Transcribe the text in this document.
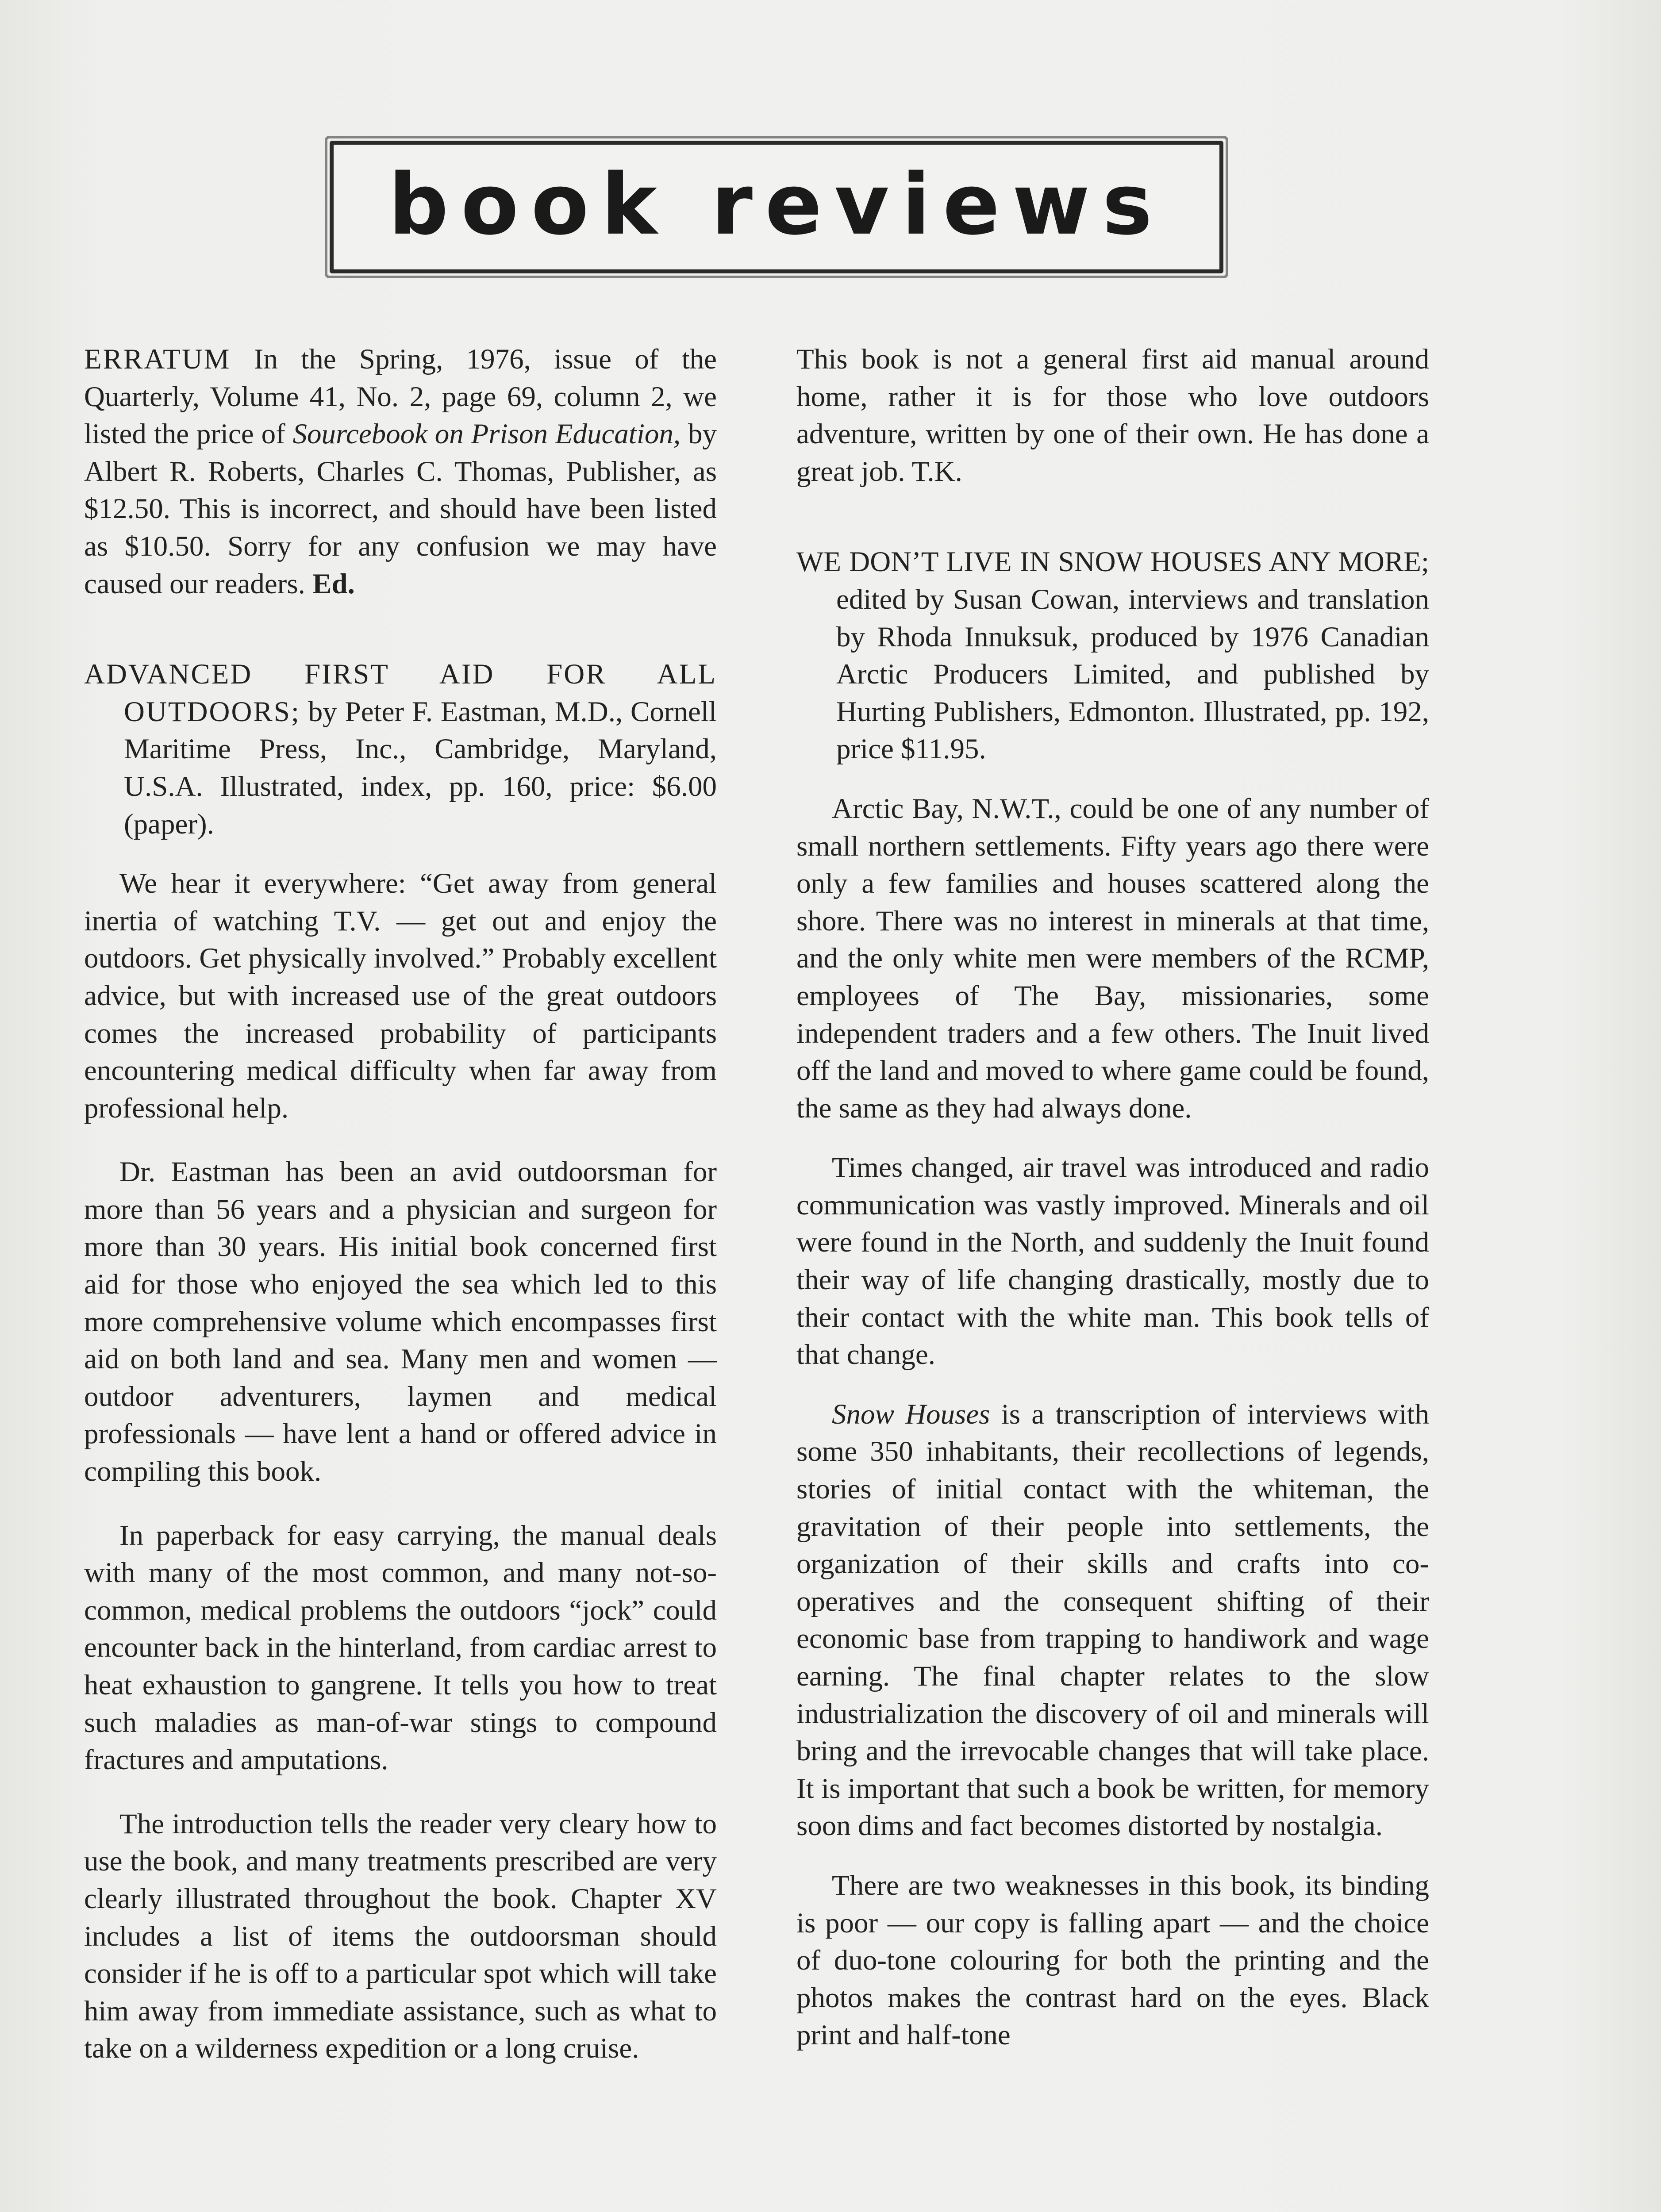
book reviews

ERRATUM In the Spring, 1976, issue of the Quarterly, Volume 41, No. 2, page 69, column 2, we listed the price of Sourcebook on Prison Education, by Albert R. Roberts, Charles C. Thomas, Publisher, as $12.50. This is incorrect, and should have been listed as $10.50. Sorry for any confusion we may have caused our readers. Ed.

ADVANCED FIRST AID FOR ALL OUTDOORS; by Peter F. Eastman, M.D., Cornell Maritime Press, Inc., Cambridge, Maryland, U.S.A. Illustrated, index, pp. 160, price: $6.00 (paper).

We hear it everywhere: “Get away from general inertia of watching T.V. — get out and enjoy the outdoors. Get physically involved.” Probably excellent advice, but with increased use of the great outdoors comes the increased probability of participants encountering medical difficulty when far away from professional help.

Dr. Eastman has been an avid outdoorsman for more than 56 years and a physician and surgeon for more than 30 years. His initial book concerned first aid for those who enjoyed the sea which led to this more comprehensive volume which encompasses first aid on both land and sea. Many men and women — outdoor adventurers, laymen and medical professionals — have lent a hand or offered advice in compiling this book.

In paperback for easy carrying, the manual deals with many of the most common, and many not-so-common, medical problems the outdoors “jock” could encounter back in the hinterland, from cardiac arrest to heat exhaustion to gangrene. It tells you how to treat such maladies as man-of-war stings to compound fractures and amputations.

The introduction tells the reader very cleary how to use the book, and many treatments prescribed are very clearly illustrated throughout the book. Chapter XV includes a list of items the outdoorsman should consider if he is off to a particular spot which will take him away from immediate assistance, such as what to take on a wilderness expedition or a long cruise.

This book is not a general first aid manual around home, rather it is for those who love outdoors adventure, written by one of their own. He has done a great job. T.K.

WE DON’T LIVE IN SNOW HOUSES ANY MORE; edited by Susan Cowan, interviews and translation by Rhoda Innuksuk, produced by 1976 Canadian Arctic Producers Limited, and published by Hurting Publishers, Edmonton. Illustrated, pp. 192, price $11.95.

Arctic Bay, N.W.T., could be one of any number of small northern settlements. Fifty years ago there were only a few families and houses scattered along the shore. There was no interest in minerals at that time, and the only white men were members of the RCMP, employees of The Bay, missionaries, some independent traders and a few others. The Inuit lived off the land and moved to where game could be found, the same as they had always done.

Times changed, air travel was introduced and radio communication was vastly improved. Minerals and oil were found in the North, and suddenly the Inuit found their way of life changing drastically, mostly due to their contact with the white man. This book tells of that change.

Snow Houses is a transcription of interviews with some 350 inhabitants, their recollections of legends, stories of initial contact with the whiteman, the gravitation of their people into settlements, the organization of their skills and crafts into co-operatives and the consequent shifting of their economic base from trapping to handiwork and wage earning. The final chapter relates to the slow industrialization the discovery of oil and minerals will bring and the irrevocable changes that will take place. It is important that such a book be written, for memory soon dims and fact becomes distorted by nostalgia.

There are two weaknesses in this book, its binding is poor — our copy is falling apart — and the choice of duo-tone colouring for both the printing and the photos makes the contrast hard on the eyes. Black print and half-tone
